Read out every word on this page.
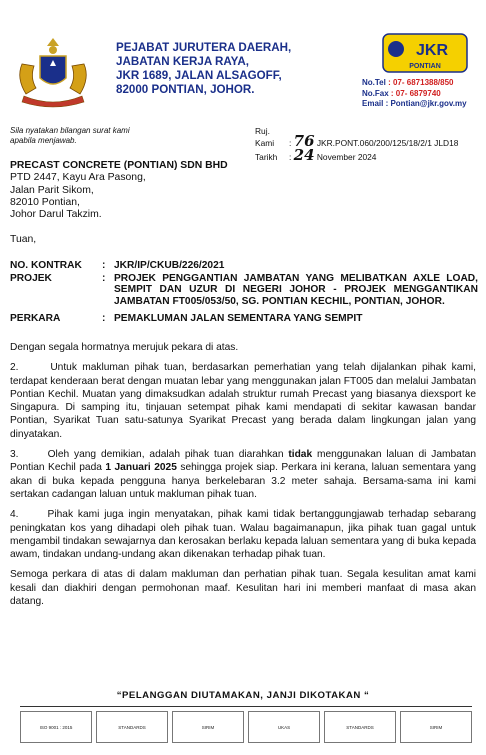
PEJABAT JURUTERA DAERAH,
JABATAN KERJA RAYA,
JKR 1689, JALAN ALSAGOFF,
82000 PONTIAN, JOHOR.
JKR
PONTIAN
No.Tel : 07- 6871388/850
No.Fax : 07- 6879740
Email : Pontian@jkr.gov.my
Sila nyatakan bilangan surat kami
apabila menjawab.
Ruj. Kami : 76 JKR.PONT.060/200/125/18/2/1 JLD18
Tarikh : 24 November 2024
PRECAST CONCRETE (PONTIAN) SDN BHD
PTD 2447, Kayu Ara Pasong,
Jalan Parit Sikom,
82010 Pontian,
Johor Darul Takzim.
Tuan,
NO. KONTRAK	: JKR/IP/CKUB/226/2021
PROJEK	: PROJEK PENGGANTIAN JAMBATAN YANG MELIBATKAN AXLE LOAD, SEMPIT DAN UZUR DI NEGERI JOHOR - PROJEK MENGGANTIKAN JAMBATAN FT005/053/50, SG. PONTIAN KECHIL, PONTIAN, JOHOR.
PERKARA	: PEMAKLUMAN JALAN SEMENTARA YANG SEMPIT

Dengan segala hormatnya merujuk pekara di atas.

2.      Untuk makluman pihak tuan, berdasarkan pemerhatian yang telah dijalankan pihak kami, terdapat kenderaan berat dengan muatan lebar yang menggunakan jalan FT005 dan melalui Jambatan Pontian Kechil. Muatan yang dimaksudkan adalah struktur rumah Precast yang biasanya diexsport ke Singapura. Di samping itu, tinjauan setempat pihak kami mendapati di sekitar kawasan bandar Pontian, Syarikat Tuan satu-satunya Syarikat Precast yang berada dalam lingkungan jalan yang dinyatakan.

3.      Oleh yang demikian, adalah pihak tuan diarahkan tidak menggunakan laluan di Jambatan Pontian Kechil pada 1 Januari 2025 sehingga projek siap. Perkara ini kerana, laluan sementara yang akan di buka kepada pengguna hanya berkelebaran 3.2 meter sahaja. Bersama-sama ini kami sertakan cadangan laluan untuk makluman pihak tuan.

4.      Pihak kami juga ingin menyatakan, pihak kami tidak bertanggungjawab terhadap sebarang peningkatan kos yang dihadapi oleh pihak tuan. Walau bagaimanapun, jika pihak tuan gagal untuk mengambil tindakan sewajarnya dan kerosakan berlaku kepada laluan sementara yang di buka kepada awam, tindakan undang-undang akan dikenakan terhadap pihak tuan.

Semoga perkara di atas di dalam makluman dan perhatian pihak tuan. Segala kesulitan amat kami kesali dan diakhiri dengan permohonan maaf. Kesulitan hari ini memberi manfaat di masa akan datang.

“PELANGGAN DIUTAMAKAN, JANJI DIKOTAKAN “
ISO 9001 : 2015	STANDARDS	SIRIM	UKAS	STANDARDS	SIRIM
